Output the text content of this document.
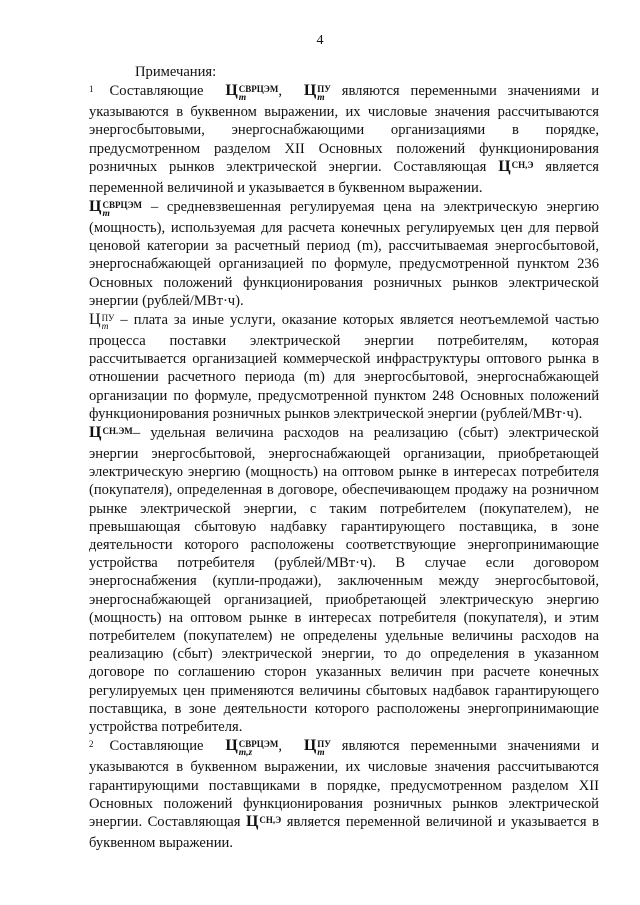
4

Примечания:

$^1$ Составляющие Ц СВРЦЭМ
m	, Ц ПУ
m	являются переменными значениями и указываются в буквенном выражении, их числовые значения рассчитываются энергосбытовыми, энергоснабжающими организациями в порядке, предусмотренном разделом XII Основных положений функционирования розничных рынков электрической энергии. Составляющая Ц СН,Э
является переменной величиной и указывается в буквенном выражении.

Ц СВРЦЭМ
m	– средневзвешенная регулируемая цена на электрическую энергию (мощность), используемая для расчета конечных регулируемых цен для первой ценовой категории за расчетный период (m), рассчитываемая энергосбытовой, энергоснабжающей организацией по формуле, предусмотренной пунктом 236 Основных положений функционирования розничных рынков электрической энергии (рублей/МВт·ч).

Ц ПУ
m – плата за иные услуги, оказание которых является неотъемлемой частью процесса поставки электрической энергии потребителям, которая рассчитывается организацией коммерческой инфраструктуры оптового рынка в отношении расчетного периода (m) для энергосбытовой, энергоснабжающей организации по формуле, предусмотренной пунктом 248 Основных положений функционирования розничных рынков электрической энергии (рублей/МВт·ч).

Ц СН.ЭМ
– удельная величина расходов на реализацию (сбыт) электрической энергии энергосбытовой, энергоснабжающей организации, приобретающей электрическую энергию (мощность) на оптовом рынке в интересах потребителя (покупателя), определенная в договоре, обеспечивающем продажу на розничном рынке электрической энергии, с таким потребителем (покупателем), не превышающая сбытовую надбавку гарантирующего поставщика, в зоне деятельности которого расположены соответствующие энергопринимающие устройства потребителя (рублей/МВт·ч). В случае если договором энергоснабжения (купли-продажи), заключенным между энергосбытовой, энергоснабжающей организацией, приобретающей электрическую энергию (мощность) на оптовом рынке в интересах потребителя (покупателя), и этим потребителем (покупателем) не определены удельные величины расходов на реализацию (сбыт) электрической энергии, то до определения в указанном договоре по соглашению сторон указанных величин при расчете конечных регулируемых цен применяются величины сбытовых надбавок гарантирующего поставщика, в зоне деятельности которого расположены энергопринимающие устройства потребителя.

$^2$ Составляющие Ц СВРЦЭМ
m,z	, Ц ПУ
m	являются переменными значениями и указываются в буквенном выражении, их числовые значения рассчитываются гарантирующими поставщиками в порядке, предусмотренном разделом XII Основных положений функционирования розничных рынков электрической энергии. Составляющая Ц СН,Э
является переменной величиной и указывается в буквенном выражении.
